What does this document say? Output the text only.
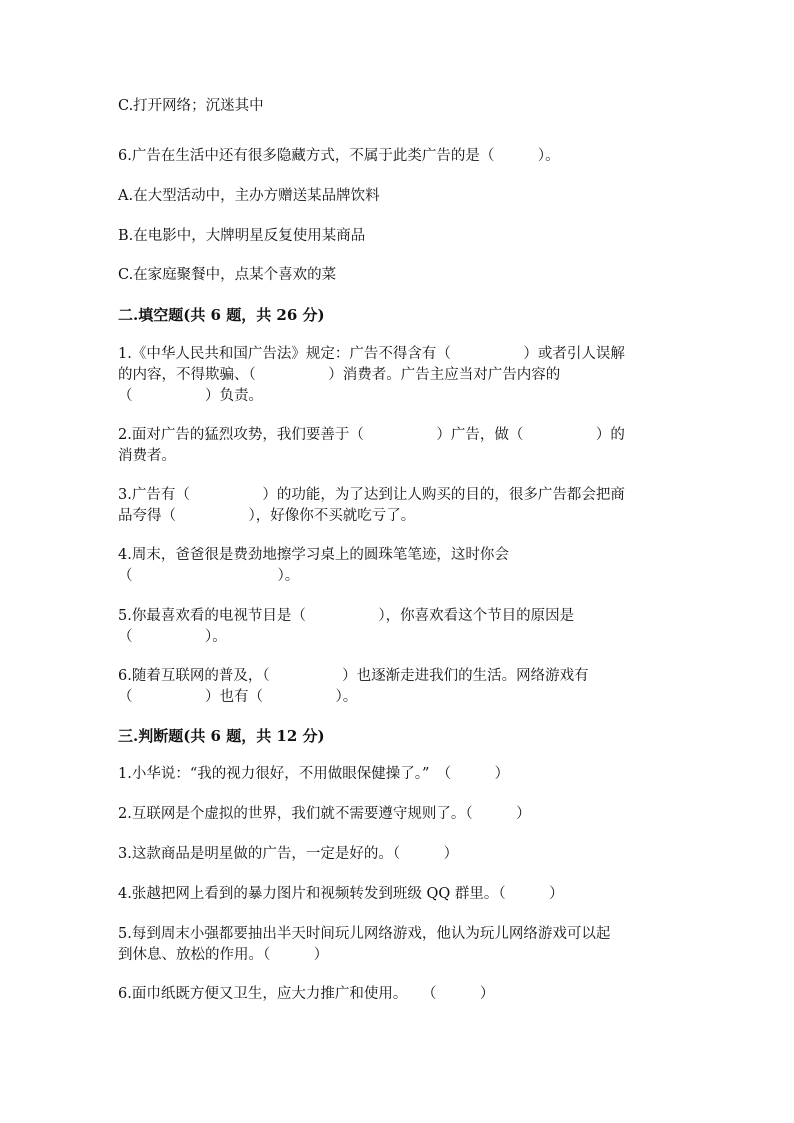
C.打开网络；沉迷其中
6.广告在生活中还有很多隐藏方式，不属于此类广告的是（　　　）。
A.在大型活动中，主办方赠送某品牌饮料
B.在电影中，大牌明星反复使用某商品
C.在家庭聚餐中，点某个喜欢的菜
二.填空题(共 6 题，共 26 分)
1.《中华人民共和国广告法》规定：广告不得含有（　　　　　）或者引人误解
的内容，不得欺骗、（　　　　　）消费者。广告主应当对广告内容的
（　　　　　）负责。
2.面对广告的猛烈攻势，我们要善于（　　　　　）广告，做（　　　　　）的
消费者。
3.广告有（　　　　　）的功能，为了达到让人购买的目的，很多广告都会把商
品夸得（　　　　　），好像你不买就吃亏了。
4.周末，爸爸很是费劲地擦学习桌上的圆珠笔笔迹，这时你会
（　　　　　　　　　　）。
5.你最喜欢看的电视节目是（　　　　　），你喜欢看这个节目的原因是
（　　　　　）。
6.随着互联网的普及，（　　　　　）也逐渐走进我们的生活。网络游戏有
（　　　　　）也有（　　　　　）。
三.判断题(共 6 题，共 12 分)
1.小华说：“我的视力很好，不用做眼保健操了。”　（　　　）
2.互联网是个虚拟的世界，我们就不需要遵守规则了。（　　　）
3.这款商品是明星做的广告，一定是好的。（　　　）
4.张越把网上看到的暴力图片和视频转发到班级 QQ 群里。（　　　）
5.每到周末小强都要抽出半天时间玩儿网络游戏，他认为玩儿网络游戏可以起
到休息、放松的作用。（　　　）
6.面巾纸既方便又卫生，应大力推广和使用。　　（　　　）
